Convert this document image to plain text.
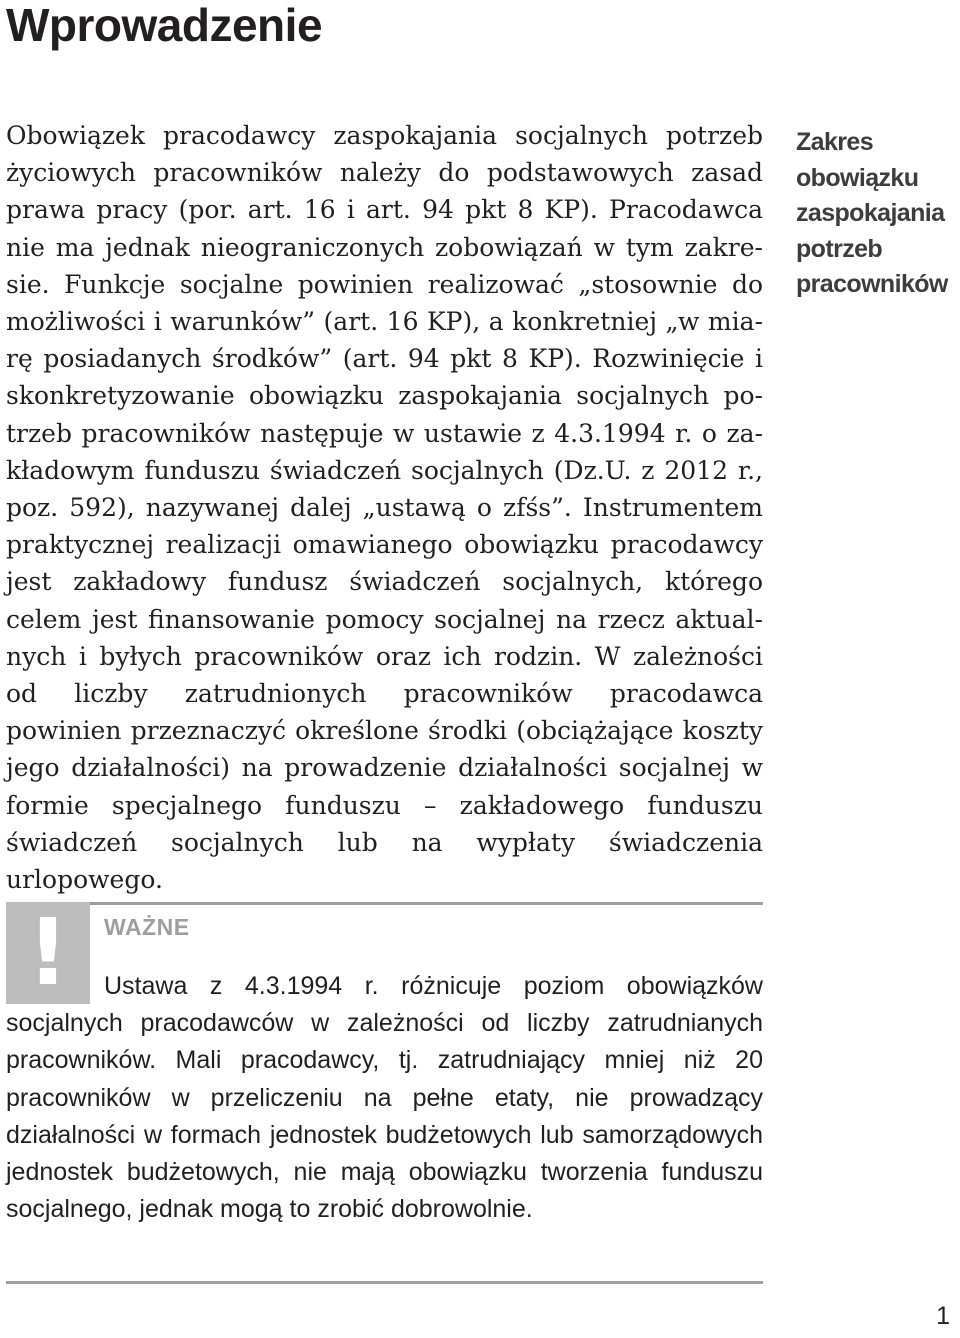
Wprowadzenie

Obowiązek pracodawcy zaspokajania socjalnych potrzeb życiowych pracowników należy do podstawowych zasad prawa pracy (por. art. 16 i art. 94 pkt 8 KP). Pracodawca nie ma jednak nieograniczonych zobowiązań w tym zakresie. Funkcje socjalne powinien realizować „stosownie do możliwości i warunków” (art. 16 KP), a konkretniej „w miarę posiadanych środków” (art. 94 pkt 8 KP). Rozwinięcie i skonkretyzowanie obowiązku zaspokajania socjalnych potrzeb pracowników następuje w ustawie z 4.3.1994 r. o zakładowym funduszu świadczeń socjalnych (Dz.U. z 2012 r., poz. 592), nazywanej dalej „ustawą o zfśs”. Instrumentem praktycznej realizacji omawianego obowiązku pracodawcy jest zakładowy fundusz świadczeń socjalnych, którego celem jest finansowanie pomocy socjalnej na rzecz aktualnych i byłych pracowników oraz ich rodzin. W zależności od liczby zatrudnionych pracowników pracodawca powinien przeznaczyć określone środki (obciążające koszty jego działalności) na prowadzenie działalności socjalnej w formie specjalnego funduszu – zakładowego funduszu świadczeń socjalnych lub na wypłaty świadczenia urlopowego.

Zakres
obowiązku
zaspokajania
potrzeb
pracowników
!	WAŻNE

Ustawa z 4.3.1994 r. różnicuje poziom obowiązków socjalnych pracodawców w zależności od liczby zatrudnianych pracowników. Mali pracodawcy, tj. zatrudniający mniej niż 20 pracowników w przeliczeniu na pełne etaty, nie prowadzący działalności w formach jednostek budżetowych lub samorządowych jednostek budżetowych, nie mają obowiązku tworzenia funduszu socjalnego, jednak mogą to zrobić dobrowolnie.

1
